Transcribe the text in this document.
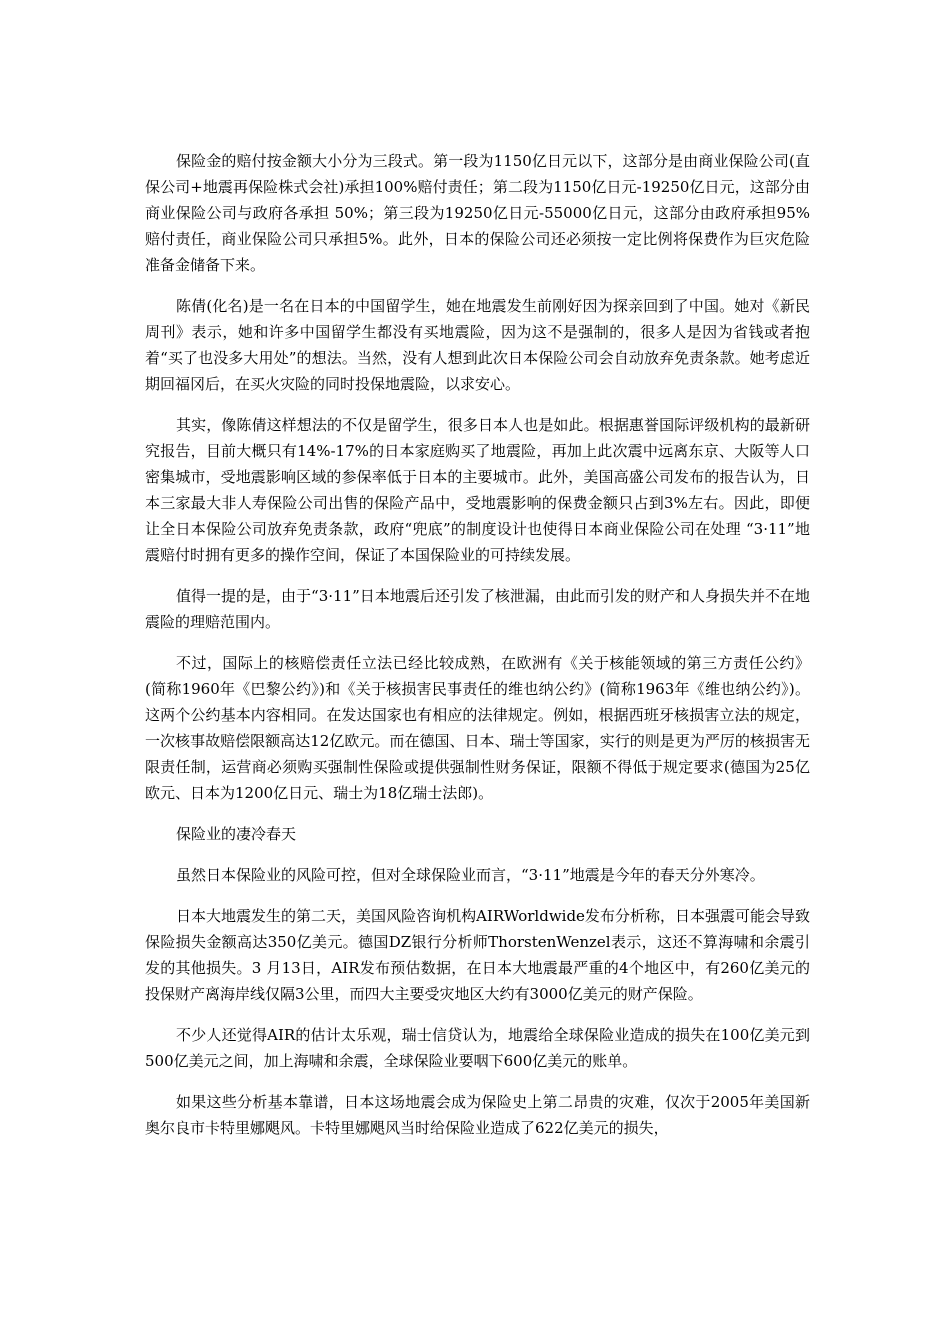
保险金的赔付按金额大小分为三段式。第一段为1150亿日元以下，这部分是由商业保险公司(直保公司+地震再保险株式会社)承担100%赔付责任；第二段为1150亿日元-19250亿日元，这部分由商业保险公司与政府各承担 50%；第三段为19250亿日元-55000亿日元，这部分由政府承担95%赔付责任，商业保险公司只承担5%。此外，日本的保险公司还必须按一定比例将保费作为巨灾危险准备金储备下来。

陈倩(化名)是一名在日本的中国留学生，她在地震发生前刚好因为探亲回到了中国。她对《新民周刊》表示，她和许多中国留学生都没有买地震险，因为这不是强制的，很多人是因为省钱或者抱着“买了也没多大用处”的想法。当然，没有人想到此次日本保险公司会自动放弃免责条款。她考虑近期回福冈后，在买火灾险的同时投保地震险，以求安心。

其实，像陈倩这样想法的不仅是留学生，很多日本人也是如此。根据惠誉国际评级机构的最新研究报告，目前大概只有14%-17%的日本家庭购买了地震险，再加上此次震中远离东京、大阪等人口密集城市，受地震影响区域的参保率低于日本的主要城市。此外，美国高盛公司发布的报告认为，日本三家最大非人寿保险公司出售的保险产品中，受地震影响的保费金额只占到3%左右。因此，即便让全日本保险公司放弃免责条款，政府“兜底”的制度设计也使得日本商业保险公司在处理 “3·11”地震赔付时拥有更多的操作空间，保证了本国保险业的可持续发展。

值得一提的是，由于“3·11”日本地震后还引发了核泄漏，由此而引发的财产和人身损失并不在地震险的理赔范围内。

不过，国际上的核赔偿责任立法已经比较成熟，在欧洲有《关于核能领域的第三方责任公约》(简称1960年《巴黎公约》)和《关于核损害民事责任的维也纳公约》(简称1963年《维也纳公约》)。这两个公约基本内容相同。在发达国家也有相应的法律规定。例如，根据西班牙核损害立法的规定，一次核事故赔偿限额高达12亿欧元。而在德国、日本、瑞士等国家，实行的则是更为严厉的核损害无限责任制，运营商必须购买强制性保险或提供强制性财务保证，限额不得低于规定要求(德国为25亿欧元、日本为1200亿日元、瑞士为18亿瑞士法郎)。

保险业的凄冷春天

虽然日本保险业的风险可控，但对全球保险业而言，“3·11”地震是今年的春天分外寒冷。

日本大地震发生的第二天，美国风险咨询机构AIRWorldwide发布分析称，日本强震可能会导致保险损失金额高达350亿美元。德国DZ银行分析师ThorstenWenzel表示，这还不算海啸和余震引发的其他损失。3 月13日，AIR发布预估数据，在日本大地震最严重的4个地区中，有260亿美元的投保财产离海岸线仅隔3公里，而四大主要受灾地区大约有3000亿美元的财产保险。

不少人还觉得AIR的估计太乐观，瑞士信贷认为，地震给全球保险业造成的损失在100亿美元到500亿美元之间，加上海啸和余震，全球保险业要咽下600亿美元的账单。

如果这些分析基本靠谱，日本这场地震会成为保险史上第二昂贵的灾难，仅次于2005年美国新奥尔良市卡特里娜飓风。卡特里娜飓风当时给保险业造成了622亿美元的损失，
